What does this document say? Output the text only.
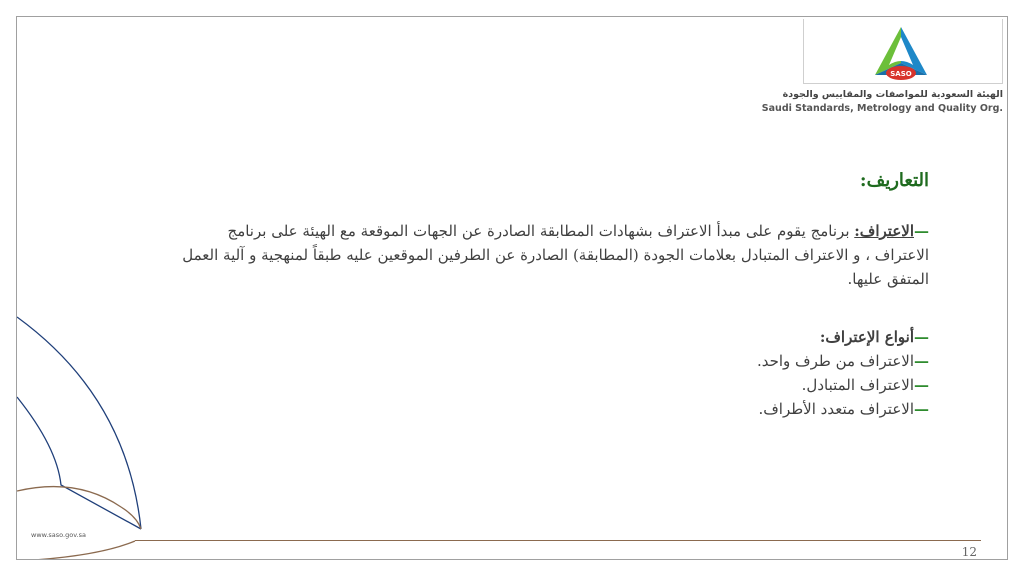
SASO
الهيئة السعودية للمواصفات والمقاييس والجودة
Saudi Standards, Metrology and Quality Org.
التعاريف:
—الاعتراف: برنامج يقوم على مبدأ الاعتراف بشهادات المطابقة الصادرة عن الجهات الموقعة مع الهيئة على برنامج الاعتراف ، و الاعتراف المتبادل بعلامات الجودة (المطابقة) الصادرة عن الطرفين الموقعين عليه طبقاً لمنهجية و آلية العمل المتفق عليها.
—أنواع الإعتراف:
—الاعتراف من طرف واحد.
—الاعتراف المتبادل.
—الاعتراف متعدد الأطراف.
www.saso.gov.sa
12
